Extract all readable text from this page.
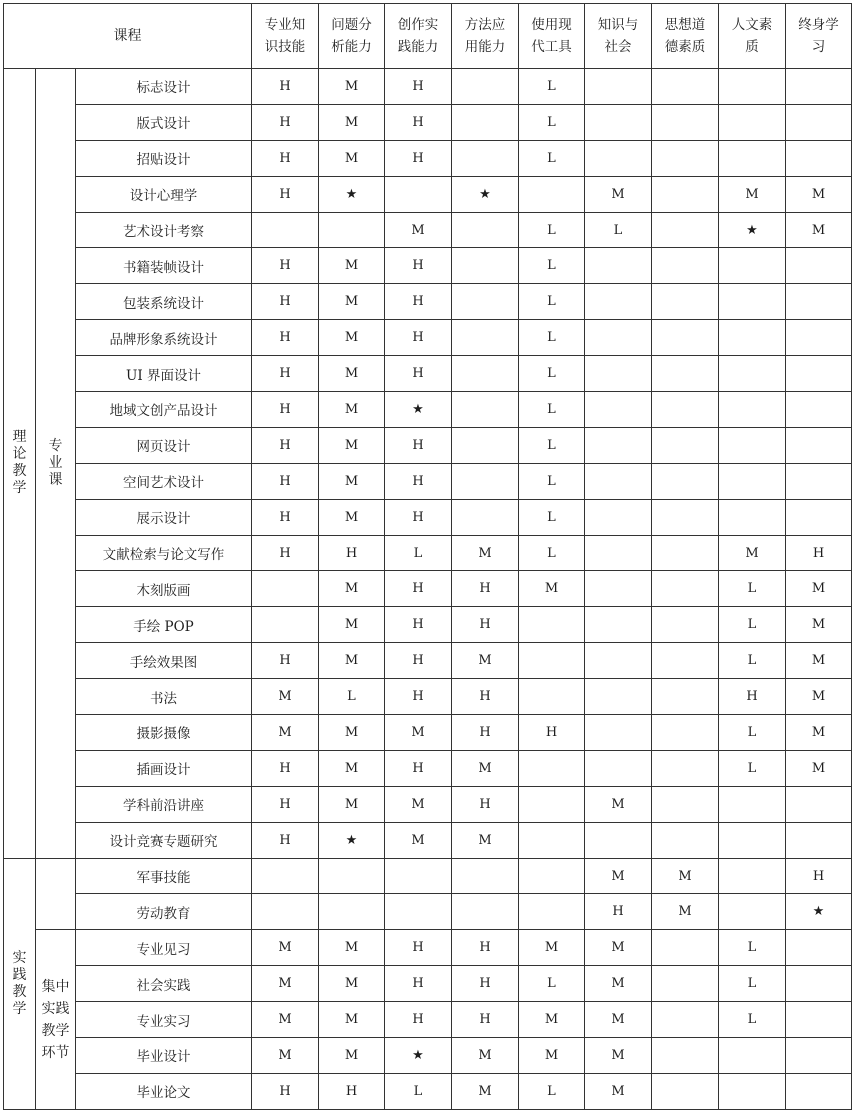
课程			专业知识技能	问题分析能力	创作实践能力	方法应用能力	使用现代工具	知识与社会	思想道德素质	人文素质	终身学习
理论教学	专业课	标志设计	H	M	H		L				
		版式设计	H	M	H		L				
		招贴设计	H	M	H		L				
		设计心理学	H	★		★		M		M	M
		艺术设计考察			M		L	L		★	M
		书籍装帧设计	H	M	H		L				
		包装系统设计	H	M	H		L				
		品牌形象系统设计	H	M	H		L				
		UI 界面设计	H	M	H		L				
		地域文创产品设计	H	M	★		L				
		网页设计	H	M	H		L				
		空间艺术设计	H	M	H		L				
		展示设计	H	M	H		L				
		文献检索与论文写作	H	H	L	M	L			M	H
		木刻版画		M	H	H	M			L	M
		手绘 POP		M	H	H				L	M
		手绘效果图	H	M	H	M				L	M
		书法	M	L	H	H				H	M
		摄影摄像	M	M	M	H	H			L	M
		插画设计	H	M	H	M				L	M
		学科前沿讲座	H	M	M	H		M			
		设计竞赛专题研究	H	★	M	M					
实践教学		军事技能						M	M		H
		劳动教育						H	M		★
	集中实践教学环节	专业见习	M	M	H	H	M	M		L	
		社会实践	M	M	H	H	L	M		L	
		专业实习	M	M	H	H	M	M		L	
		毕业设计	M	M	★	M	M	M			
		毕业论文	H	H	L	M	L	M			
